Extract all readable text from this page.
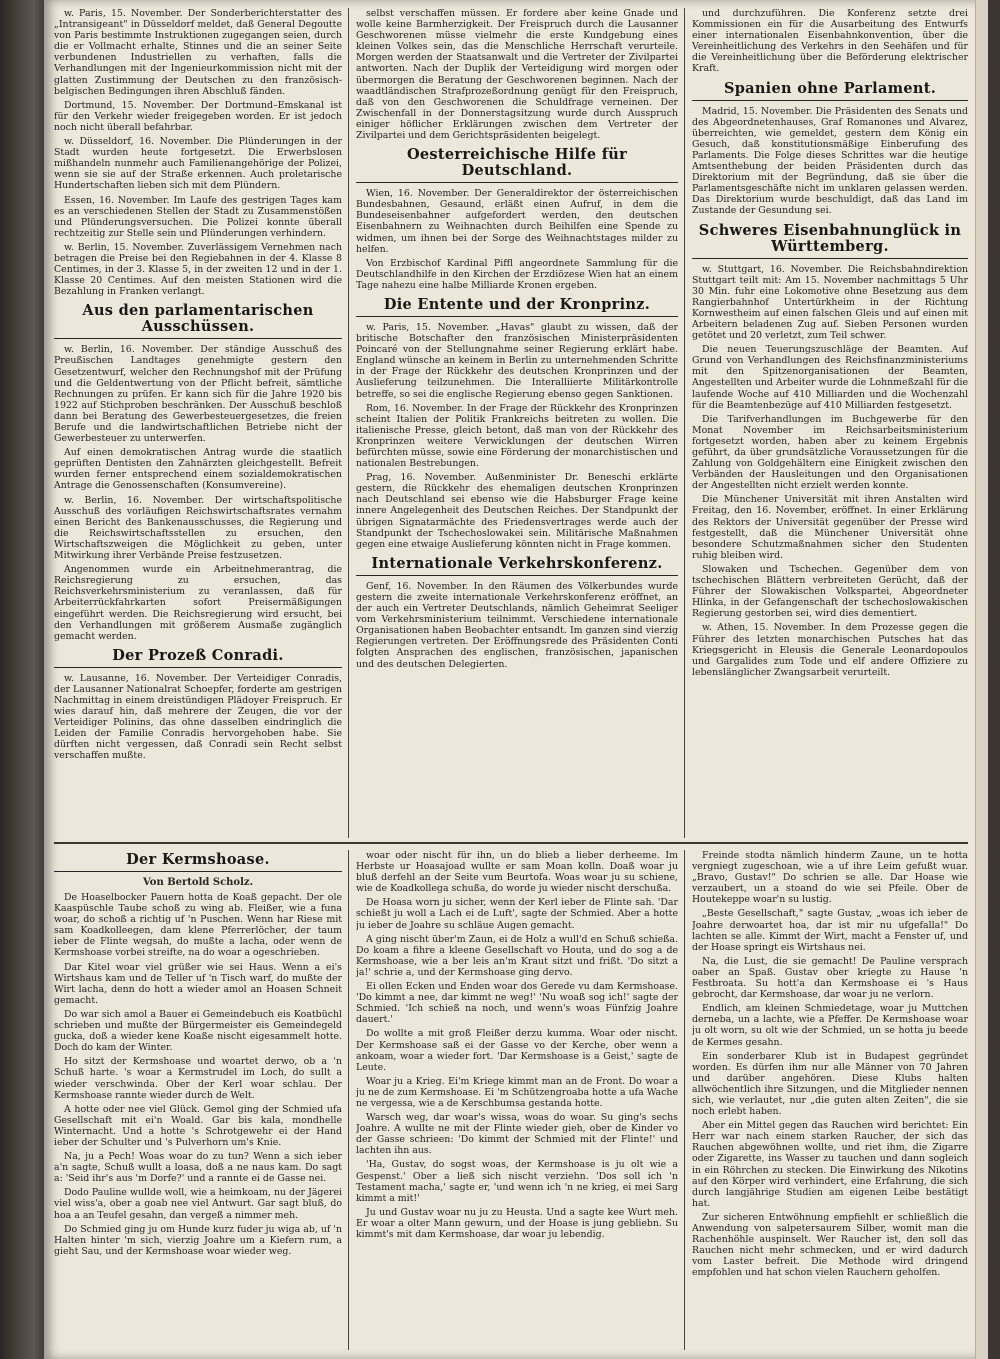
w. Paris, 15. November. Der Sonderberichterstatter des „Intransigeant" in Düsseldorf meldet, daß General Degoutte von Paris bestimmte Instruktionen zugegangen seien, durch die er Vollmacht erhalte, Stinnes und die an seiner Seite verbundenen Industriellen zu verhaften, falls die Verhandlungen mit der Ingenieurkommission nicht mit der glatten Zustimmung der Deutschen zu den französisch-belgischen Bedingungen ihren Abschluß fänden.

Dortmund, 15. November. Der Dortmund–Emskanal ist für den Verkehr wieder freigegeben worden. Er ist jedoch noch nicht überall befahrbar.

w. Düsseldorf, 16. November. Die Plünderungen in der Stadt wurden heute fortgesetzt. Die Erwerbslosen mißhandeln nunmehr auch Familienangehörige der Polizei, wenn sie sie auf der Straße erkennen. Auch proletarische Hundertschaften lieben sich mit dem Plündern.

Essen, 16. November. Im Laufe des gestrigen Tages kam es an verschiedenen Stellen der Stadt zu Zusammenstößen und Plünderungsversuchen. Die Polizei konnte überall rechtzeitig zur Stelle sein und Plünderungen verhindern.

w. Berlin, 15. November. Zuverlässigem Vernehmen nach betragen die Preise bei den Regiebahnen in der 4. Klasse 8 Centimes, in der 3. Klasse 5, in der zweiten 12 und in der 1. Klasse 20 Centimes. Auf den meisten Stationen wird die Bezahlung in Franken verlangt.

Aus den parlamentarischen Ausschüssen.

w. Berlin, 16. November. Der ständige Ausschuß des Preußischen Landtages genehmigte gestern den Gesetzentwurf, welcher den Rechnungshof mit der Prüfung und die Geldentwertung von der Pflicht befreit, sämtliche Rechnungen zu prüfen. Er kann sich für die Jahre 1920 bis 1922 auf Stichproben beschränken. Der Ausschuß beschloß dann bei Beratung des Gewerbesteuergesetzes, die freien Berufe und die landwirtschaftlichen Betriebe nicht der Gewerbesteuer zu unterwerfen.

Auf einen demokratischen Antrag wurde die staatlich geprüften Dentisten den Zahnärzten gleichgestellt. Befreit wurden ferner entsprechend einem sozialdemokratischen Antrage die Genossenschaften (Konsumvereine).

w. Berlin, 16. November. Der wirtschaftspolitische Ausschuß des vorläufigen Reichswirtschaftsrates vernahm einen Bericht des Bankenausschusses, die Regierung und die Reichswirtschaftsstellen zu ersuchen, den Wirtschaftszweigen die Möglichkeit zu geben, unter Mitwirkung ihrer Verbände Preise festzusetzen.

Angenommen wurde ein Arbeitnehmerantrag, die Reichsregierung zu ersuchen, das Reichsverkehrsministerium zu veranlassen, daß für Arbeiterrückfahrkarten sofort Preisermäßigungen eingeführt werden. Die Reichsregierung wird ersucht, bei den Verhandlungen mit größerem Ausmaße zugänglich gemacht werden.

Der Prozeß Conradi.

w. Lausanne, 16. November. Der Verteidiger Conradis, der Lausanner Nationalrat Schoepfer, forderte am gestrigen Nachmittag in einem dreistündigen Plädoyer Freispruch. Er wies darauf hin, daß mehrere der Zeugen, die vor der Verteidiger Polinins, das ohne dasselben eindringlich die Leiden der Familie Conradis hervorgehoben habe. Sie dürften nicht vergessen, daß Conradi sein Recht selbst verschaffen mußte.

selbst verschaffen müssen. Er fordere aber keine Gnade und wolle keine Barmherzigkeit. Der Freispruch durch die Lausanner Geschworenen müsse vielmehr die erste Kundgebung eines kleinen Volkes sein, das die Menschliche Herrschaft verurteile. Morgen werden der Staatsanwalt und die Vertreter der Zivilpartei antworten. Nach der Duplik der Verteidigung wird morgen oder übermorgen die Beratung der Geschworenen beginnen. Nach der waadtländischen Strafprozeßordnung genügt für den Freispruch, daß von den Geschworenen die Schuldfrage verneinen. Der Zwischenfall in der Donnerstagsitzung wurde durch Ausspruch einiger höflicher Erklärungen zwischen dem Vertreter der Zivilpartei und dem Gerichtspräsidenten beigelegt.

Oesterreichische Hilfe für Deutschland.

Wien, 16. November. Der Generaldirektor der österreichischen Bundesbahnen, Gesaund, erläßt einen Aufruf, in dem die Bundeseisenbahner aufgefordert werden, den deutschen Eisenbahnern zu Weihnachten durch Beihilfen eine Spende zu widmen, um ihnen bei der Sorge des Weihnachtstages milder zu helfen.

Von Erzbischof Kardinal Piffl angeordnete Sammlung für die Deutschlandhilfe in den Kirchen der Erzdiözese Wien hat an einem Tage nahezu eine halbe Milliarde Kronen ergeben.

Die Entente und der Kronprinz.

w. Paris, 15. November. „Havas" glaubt zu wissen, daß der britische Botschafter den französischen Ministerpräsidenten Poincaré von der Stellungnahme seiner Regierung erklärt habe. England wünsche an keinem in Berlin zu unternehmenden Schritte in der Frage der Rückkehr des deutschen Kronprinzen und der Auslieferung teilzunehmen. Die Interalliierte Militärkontrolle betreffe, so sei die englische Regierung ebenso gegen Sanktionen.

Rom, 16. November. In der Frage der Rückkehr des Kronprinzen scheint Italien der Politik Frankreichs beitreten zu wollen. Die italienische Presse, gleich betont, daß man von der Rückkehr des Kronprinzen weitere Verwicklungen der deutschen Wirren befürchten müsse, sowie eine Förderung der monarchistischen und nationalen Bestrebungen.

Prag, 16. November. Außenminister Dr. Beneschi erklärte gestern, die Rückkehr des ehemaligen deutschen Kronprinzen nach Deutschland sei ebenso wie die Habsburger Frage keine innere Angelegenheit des Deutschen Reiches. Der Standpunkt der übrigen Signatarmächte des Friedensvertrages werde auch der Standpunkt der Tschechoslowakei sein. Militärische Maßnahmen gegen eine etwaige Auslieferung könnten nicht in Frage kommen.

Internationale Verkehrskonferenz.

Genf, 16. November. In den Räumen des Völkerbundes wurde gestern die zweite internationale Verkehrskonferenz eröffnet, an der auch ein Vertreter Deutschlands, nämlich Geheimrat Seeliger vom Verkehrsministerium teilnimmt. Verschiedene internationale Organisationen haben Beobachter entsandt. Im ganzen sind vierzig Regierungen vertreten. Der Eröffnungsrede des Präsidenten Conti folgten Ansprachen des englischen, französischen, japanischen und des deutschen Delegierten.

und durchzuführen. Die Konferenz setzte drei Kommissionen ein für die Ausarbeitung des Entwurfs einer internationalen Eisenbahnkonvention, über die Vereinheitlichung des Verkehrs in den Seehäfen und für die Vereinheitlichung über die Beförderung elektrischer Kraft.

Spanien ohne Parlament.

Madrid, 15. November. Die Präsidenten des Senats und des Abgeordnetenhauses, Graf Romanones und Alvarez, überreichten, wie gemeldet, gestern dem König ein Gesuch, daß konstitutionsmäßige Einberufung des Parlaments. Die Folge dieses Schrittes war die heutige Amtsenthebung der beiden Präsidenten durch das Direktorium mit der Begründung, daß sie über die Parlamentsgeschäfte nicht im unklaren gelassen werden. Das Direktorium wurde beschuldigt, daß das Land im Zustande der Gesundung sei.

Schweres Eisenbahnunglück in Württemberg.

w. Stuttgart, 16. November. Die Reichsbahndirektion Stuttgart teilt mit: Am 15. November nachmittags 5 Uhr 30 Min. fuhr eine Lokomotive ohne Besetzung aus dem Rangierbahnhof Untertürkheim in der Richtung Kornwestheim auf einen falschen Gleis und auf einen mit Arbeitern beladenen Zug auf. Sieben Personen wurden getötet und 20 verletzt, zum Teil schwer.

Die neuen Teuerungszuschläge der Beamten. Auf Grund von Verhandlungen des Reichsfinanzministeriums mit den Spitzenorganisationen der Beamten, Angestellten und Arbeiter wurde die Lohnmeßzahl für die laufende Woche auf 410 Milliarden und die Wochenzahl für die Beamtenbezüge auf 410 Milliarden festgesetzt.

Die Tarifverhandlungen im Buchgewerbe für den Monat November im Reichsarbeitsministerium fortgesetzt worden, haben aber zu keinem Ergebnis geführt, da über grundsätzliche Voraussetzungen für die Zahlung von Goldgehältern eine Einigkeit zwischen den Verbänden der Hausleitungen und den Organisationen der Angestellten nicht erzielt werden konnte.

Die Münchener Universität mit ihren Anstalten wird Freitag, den 16. November, eröffnet. In einer Erklärung des Rektors der Universität gegenüber der Presse wird festgestellt, daß die Münchener Universität ohne besondere Schutzmaßnahmen sicher den Studenten ruhig bleiben wird.

Slowaken und Tschechen. Gegenüber dem von tschechischen Blättern verbreiteten Gerücht, daß der Führer der Slowakischen Volkspartei, Abgeordneter Hlinka, in der Gefangenschaft der tschechoslowakischen Regierung gestorben sei, wird dies dementiert.

w. Athen, 15. November. In dem Prozesse gegen die Führer des letzten monarchischen Putsches hat das Kriegsgericht in Eleusis die Generale Leonardopoulos und Gargalides zum Tode und elf andere Offiziere zu lebenslänglicher Zwangsarbeit verurteilt.

Der Kermshoase.
Von Bertold Scholz.

De Hoaselbocker Pauern hotta de Koaß gepacht. Der ole Kaaspüschle Taube schoß zu wing ab. Fleißer, wie a funa woar, do schoß a richtig uf 'n Puschen. Wenn har Riese mit sam Koadkolleegen, dam klene Pferrerlöcher, der taum ieber de Flinte wegsah, do mußte a lacha, oder wenn de Kermshoase vorbei streifte, na do woar a ogeschrieben.

Dar Kitel woar viel grüßer wie sei Haus. Wenn a ei's Wirtshaus kam und de Teller uf 'n Tisch warf, do mußte der Wirt lacha, denn do hott a wieder amol an Hoasen Schneit gemacht.

Do war sich amol a Bauer ei Gemeindebuch eis Koatbüchl schrieben und mußte der Bürgermeister eis Gemeindegeld gucka, doß a wieder kene Koaße nischt eigesammelt hotte. Doch do kam der Winter.

Ho sitzt der Kermshoase und woartet derwo, ob a 'n Schuß harte. 's woar a Kermstrudel im Loch, do sullt a wieder verschwinda. Ober der Kerl woar schlau. Der Kermshoase rannte wieder durch de Welt.

A hotte oder nee viel Glück. Gemol ging der Schmied ufa Gesellschaft mit ei'n Woald. Gar bis kala, mondhelle Winternacht. Und a hotte 's Schrotgewehr ei der Hand ieber der Schulter und 's Pulverhorn um's Knie.

Na, ju a Pech! Woas woar do zu tun? Wenn a sich ieber a'n sagte, Schuß wullt a loasa, doß a ne naus kam. Do sagt a: 'Seid ihr's aus 'm Dorfe?' und a rannte ei de Gasse nei.

Dodo Pauline wullde woll, wie a heimkoam, nu der Jägerei viel wiss'a, ober a goab nee viel Antwurt. Gar sagt bluß, do hoa a an Teufel gesahn, dan vergeß a nimmer meh.

Do Schmied ging ju om Hunde kurz fuder ju wiga ab, uf 'n Halten hinter 'm sich, vierzig Joahre um a Kiefern rum, a gieht Sau, und der Kermshoase woar wieder weg.

woar oder nischt für ihn, un do blieb a lieber derheeme. Im Herbste ur Hoasajoad wullte er sam Moan kolln. Doaß woar ju bluß derfehl an der Seite vum Beurtofa. Woas woar ju su schiene, wie de Koadkollega schußa, do worde ju wieder nischt derschußa.

De Hoasa worn ju sicher, wenn der Kerl ieber de Flinte sah. 'Dar schießt ju woll a Lach ei de Luft', sagte der Schmied. Aber a hotte ju ieber de Joahre su schläue Augen gemacht.

A ging nischt über'm Zaun, ei de Holz a wull'd en Schuß schießa. Do koam a fihre a kleene Gesellschaft vo Houta, und do sog a de Kermshoase, wie a ber leis an'm Kraut sitzt und frißt. 'Do sitzt a ja!' schrie a, und der Kermshoase ging dervo.

Ei ollen Ecken und Enden woar dos Gerede vu dam Kermshoase. 'Do kimmt a nee, dar kimmt ne weg!' 'Nu woaß sog ich!' sagte der Schmied. 'Ich schieß na noch, und wenn's woas Fünfzig Joahre dauert.'

Do wollte a mit groß Fleißer derzu kumma. Woar oder nischt. Der Kermshoase saß ei der Gasse vo der Kerche, ober wenn a ankoam, woar a wieder fort. 'Dar Kermshoase is a Geist,' sagte de Leute.

Woar ju a Krieg. Ei'm Kriege kimmt man an de Front. Do woar a ju ne de zum Kermshoase. Ei 'm Schützengroaba hotte a ufa Wache ne vergessa, wie a de Kerschbumsa gestanda hotte.

Warsch weg, dar woar's wissa, woas do woar. Su ging's sechs Joahre. A wullte ne mit der Flinte wieder gieh, ober de Kinder vo der Gasse schrieen: 'Do kimmt der Schmied mit der Flinte!' und lachten ihn aus.

'Ha, Gustav, do sogst woas, der Kermshoase is ju olt wie a Gespenst.' Ober a ließ sich nischt verziehn. 'Dos soll ich 'n Testament macha,' sagte er, 'und wenn ich 'n ne krieg, ei mei Sarg kimmt a mit!'

Ju und Gustav woar nu ju zu Heusta. Und a sagte kee Wurt meh. Er woar a olter Mann gewurn, und der Hoase is jung gebliebn. Su kimmt's mit dam Kermshoase, dar woar ju lebendig.

Freinde stodta nämlich hinderm Zaune, un te hotta vergniegt zugeschoan, wie a uf ihre Leim gefußt wuar. „Bravo, Gustav!" Do schrien se alle. Dar Hoase wie verzaubert, un a stoand do wie sei Pfeile. Ober de Houtekeppe woar'n su lustig.

„Beste Gesellschaft," sagte Gustav, „woas ich ieber de Joahre derwoartet hoa, dar ist mir nu ufgefalla!" Do lachten se alle. Kimmt der Wirt, macht a Fenster uf, und der Hoase springt eis Wirtshaus nei.

Na, die Lust, die sie gemacht! De Pauline versprach oaber an Spaß. Gustav ober kriegte zu Hause 'n Festbroata. Su hott'a dan Kermshoase ei 's Haus gebrocht, dar Kermshoase, dar woar ju ne verlorn.

Endlich, am kleinen Schmiedetage, woar ju Muttchen derneba, un a lachte, wie a Pfeffer. De Kermshoase woar ju olt worn, su olt wie der Schmied, un se hotta ju beede de Kermes gesahn.

Ein sonderbarer Klub ist in Budapest gegründet worden. Es dürfen ihm nur alle Männer von 70 Jahren und darüber angehören. Diese Klubs halten allwöchentlich ihre Sitzungen, und die Mitglieder nennen sich, wie verlautet, nur „die guten alten Zeiten", die sie noch erlebt haben.

Aber ein Mittel gegen das Rauchen wird berichtet: Ein Herr war nach einem starken Raucher, der sich das Rauchen abgewöhnen wollte, und riet ihm, die Zigarre oder Zigarette, ins Wasser zu tauchen und dann sogleich in ein Röhrchen zu stecken. Die Einwirkung des Nikotins auf den Körper wird verhindert, eine Erfahrung, die sich durch langjährige Studien am eigenen Leibe bestätigt hat.

Zur sicheren Entwöhnung empfiehlt er schließlich die Anwendung von salpetersaurem Silber, womit man die Rachenhöhle auspinselt. Wer Raucher ist, den soll das Rauchen nicht mehr schmecken, und er wird dadurch vom Laster befreit. Die Methode wird dringend empfohlen und hat schon vielen Rauchern geholfen.
